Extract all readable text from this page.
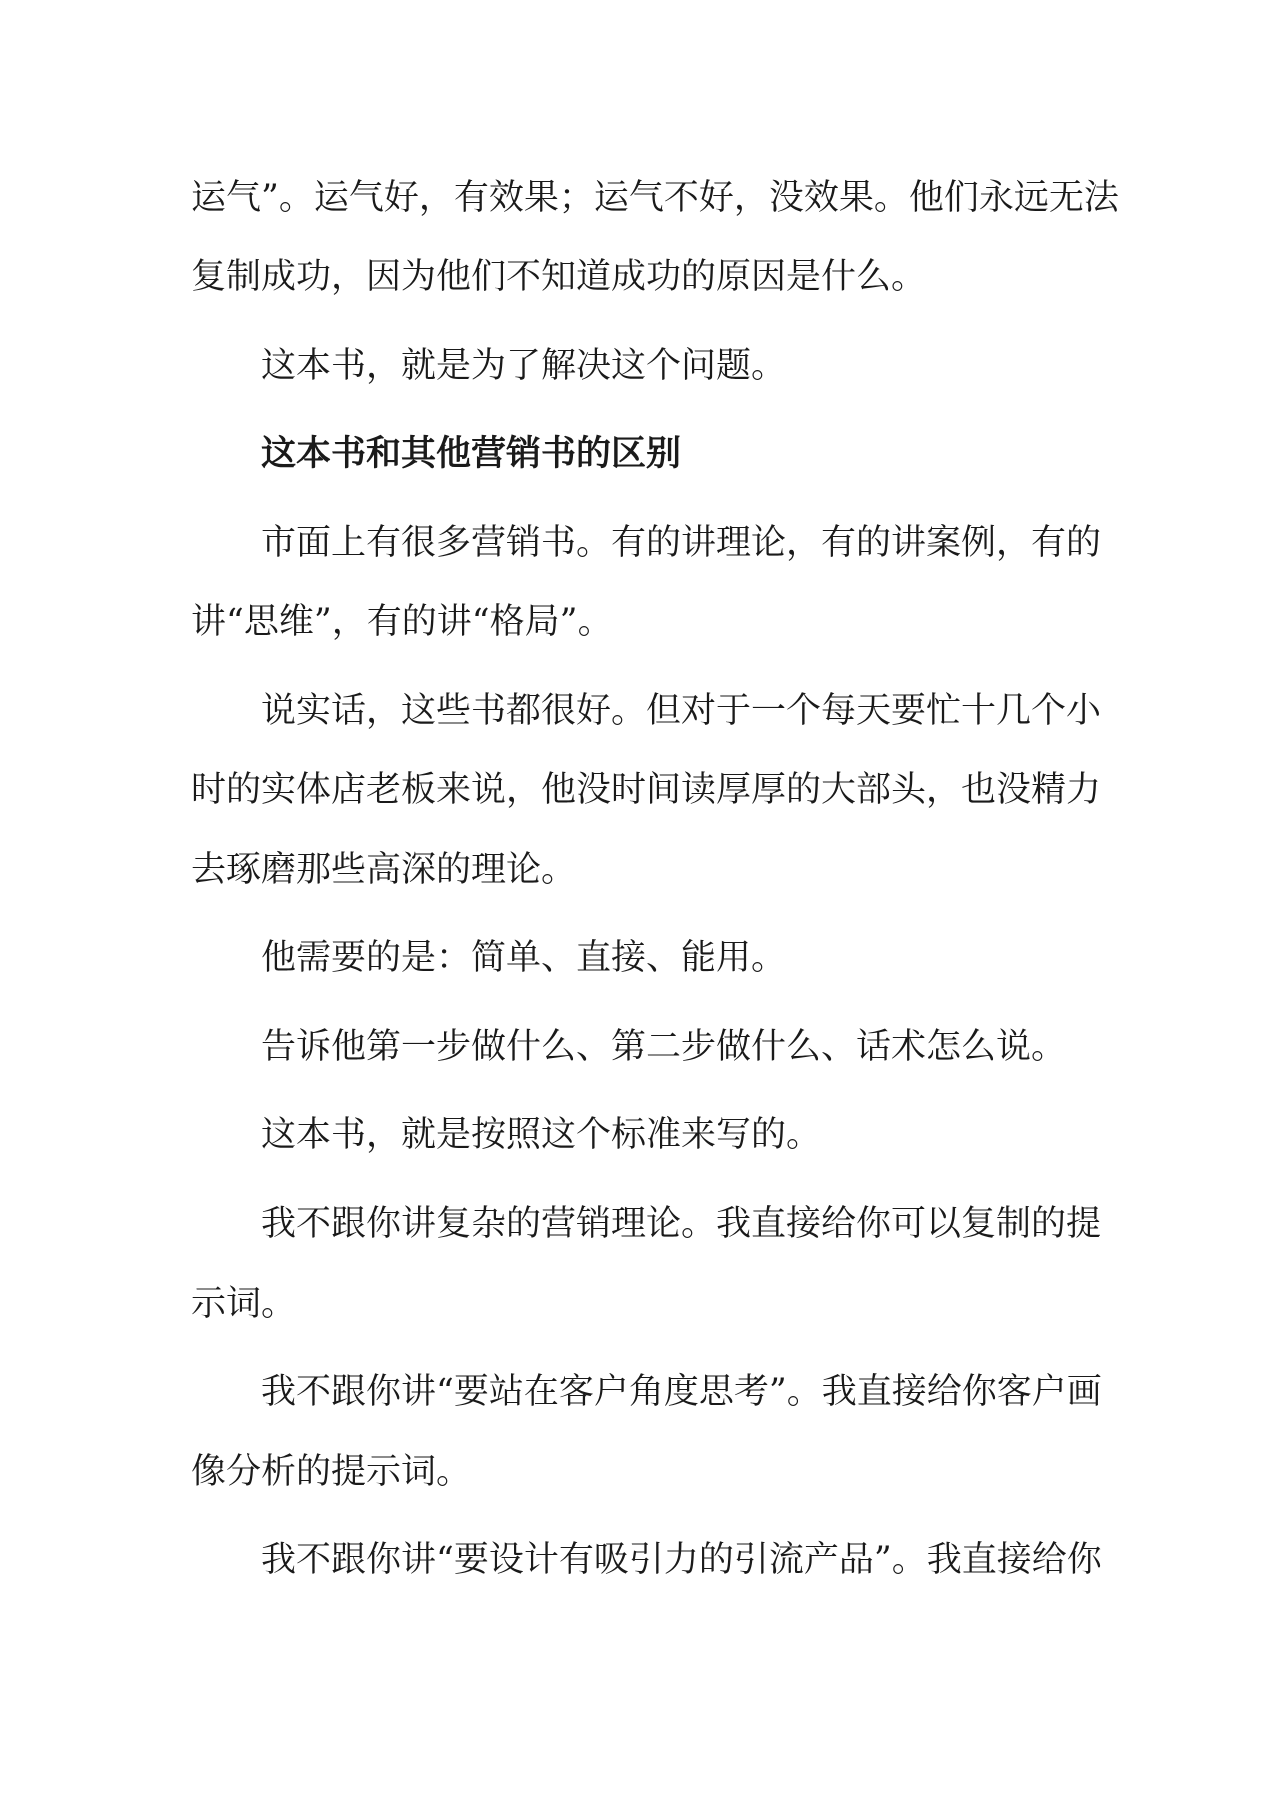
运气”。运气好，有效果；运气不好，没效果。他们永远无法
复制成功，因为他们不知道成功的原因是什么。
这本书，就是为了解决这个问题。
这本书和其他营销书的区别
市面上有很多营销书。有的讲理论，有的讲案例，有的
讲“思维”，有的讲“格局”。
说实话，这些书都很好。但对于一个每天要忙十几个小
时的实体店老板来说，他没时间读厚厚的大部头，也没精力
去琢磨那些高深的理论。
他需要的是：简单、直接、能用。
告诉他第一步做什么、第二步做什么、话术怎么说。
这本书，就是按照这个标准来写的。
我不跟你讲复杂的营销理论。我直接给你可以复制的提
示词。
我不跟你讲“要站在客户角度思考”。我直接给你客户画
像分析的提示词。
我不跟你讲“要设计有吸引力的引流产品”。我直接给你
